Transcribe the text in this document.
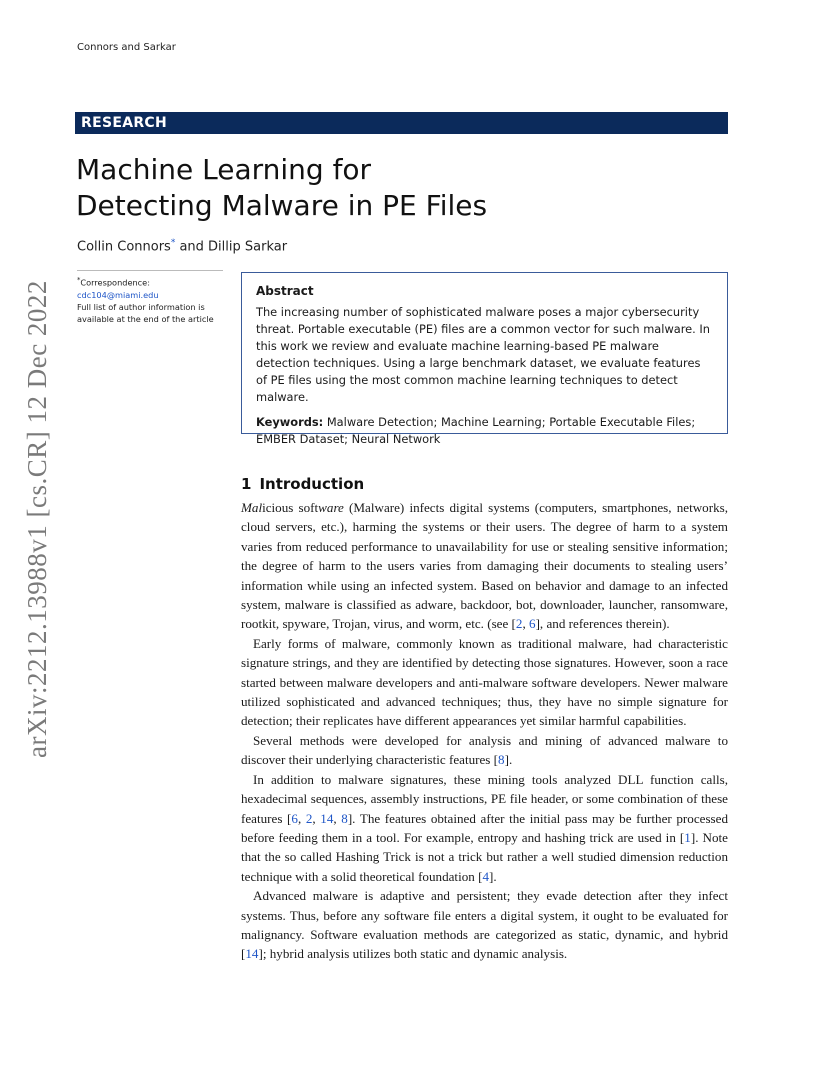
Connors and Sarkar
RESEARCH
Machine Learning for
Detecting Malware in PE Files
Collin Connors* and Dillip Sarkar
*Correspondence:
cdc104@miami.edu
Full list of author information is available at the end of the article
Abstract

The increasing number of sophisticated malware poses a major cybersecurity threat. Portable executable (PE) files are a common vector for such malware. In this work we review and evaluate machine learning-based PE malware detection techniques. Using a large benchmark dataset, we evaluate features of PE files using the most common machine learning techniques to detect malware.

Keywords: Malware Detection; Machine Learning; Portable Executable Files; EMBER Dataset; Neural Network

arXiv:2212.13988v1 [cs.CR] 12 Dec 2022	1 Introduction

Malicious software (Malware) infects digital systems (computers, smartphones, networks, cloud servers, etc.), harming the systems or their users. The degree of harm to a system varies from reduced performance to unavailability for use or stealing sensitive information; the degree of harm to the users varies from damaging their documents to stealing users’ information while using an infected system. Based on behavior and damage to an infected system, malware is classified as adware, backdoor, bot, downloader, launcher, ransomware, rootkit, spyware, Trojan, virus, and worm, etc. (see [2, 6], and references therein).

Early forms of malware, commonly known as traditional malware, had characteristic signature strings, and they are identified by detecting those signatures. However, soon a race started between malware developers and anti-malware software developers. Newer malware utilized sophisticated and advanced techniques; thus, they have no simple signature for detection; their replicates have different appearances yet similar harmful capabilities.

Several methods were developed for analysis and mining of advanced malware to discover their underlying characteristic features [8].

In addition to malware signatures, these mining tools analyzed DLL function calls, hexadecimal sequences, assembly instructions, PE file header, or some combination of these features [6, 2, 14, 8]. The features obtained after the initial pass may be further processed before feeding them in a tool. For example, entropy and hashing trick are used in [1]. Note that the so called Hashing Trick is not a trick but rather a well studied dimension reduction technique with a solid theoretical foundation [4].

Advanced malware is adaptive and persistent; they evade detection after they infect systems. Thus, before any software file enters a digital system, it ought to be evaluated for malignancy. Software evaluation methods are categorized as static, dynamic, and hybrid [14]; hybrid analysis utilizes both static and dynamic analysis.
